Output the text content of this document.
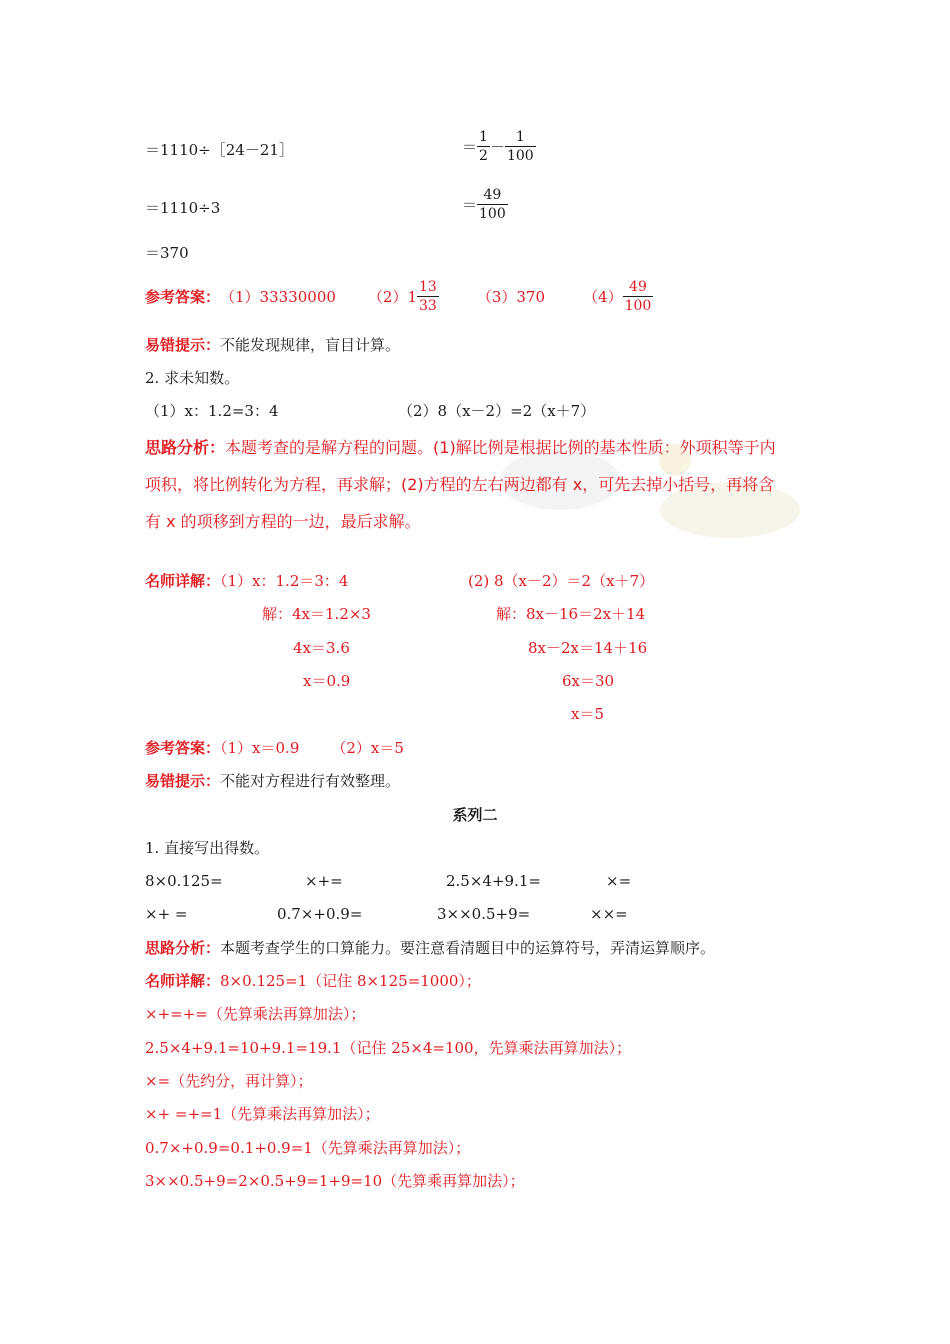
＝1110÷［24－21］
＝1110÷3
＝370
＝ $\frac{1}{2} - \frac{1}{100}$
＝ $\frac{49}{100}$
参考答案： （1）33330000 $(2)1 \frac{13}{33}$	（3）370	$(4) \frac{49}{100}$
易错提示：不能发现规律，盲目计算。
2. 求未知数。
（1）x：1.2=3：4	（2）8（x－2）=2（x＋7）
思路分析：本题考查的是解方程的问题。(1)解比例是根据比例的基本性质：外项积等于内
项积，将比例转化为方程，再求解；(2)方程的左右两边都有 x，可先去掉小括号，再将含
有 x 的项移到方程的一边，最后求解。
名师详解：（1）x：1.2＝3：4	(2) 8（x－2）＝2（x＋7）
解：4x＝1.2×3	解：8x－16＝2x＋14
4x＝3.6	8x－2x＝14＋16
x＝0.9	6x＝30
x＝5
参考答案：（1）x＝0.9 （2）x＝5
易错提示：不能对方程进行有效整理。
系列二
1. 直接写出得数。
8×0.125=	×+=	2.5×4+9.1=	×=
×+ =	0.7×+0.9=	3××0.5+9=	××=
思路分析：本题考查学生的口算能力。要注意看清题目中的运算符号，弄清运算顺序。
名师详解：8×0.125=1（记住 8×125=1000）；
×+=+=（先算乘法再算加法）；
2.5×4+9.1=10+9.1=19.1（记住 25×4=100，先算乘法再算加法）；
×=（先约分，再计算）；
×+ =+=1（先算乘法再算加法）；
0.7×+0.9=0.1+0.9=1（先算乘法再算加法）；
3××0.5+9=2×0.5+9=1+9=10（先算乘再算加法）；
